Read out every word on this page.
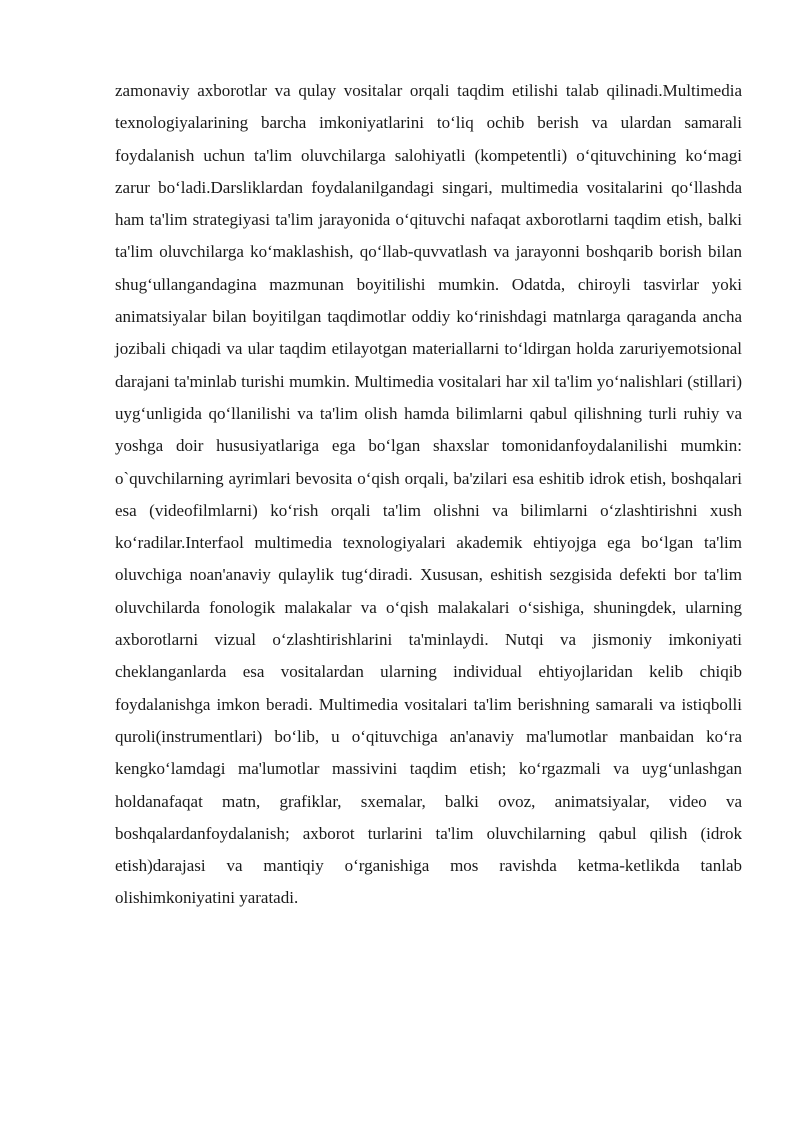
zamonaviy axborotlar va qulay vositalar orqali taqdim etilishi talab qilinadi.Multimedia texnologiyalarining barcha imkoniyatlarini to‘liq ochib berish va ulardan samarali foydalanish uchun ta'lim oluvchilarga salohiyatli (kompetentli) o‘qituvchining ko‘magi zarur bo‘ladi.Darsliklardan foydalanilgandagi singari, multimedia vositalarini qo‘llashda ham ta'lim strategiyasi ta'lim jarayonida o‘qituvchi nafaqat axborotlarni taqdim etish, balki ta'lim oluvchilarga ko‘maklashish, qo‘llab-quvvatlash va jarayonni boshqarib borish bilan shug‘ullangandagina mazmunan boyitilishi mumkin. Odatda, chiroyli tasvirlar yoki animatsiyalar bilan boyitilgan taqdimotlar oddiy ko‘rinishdagi matnlarga qaraganda ancha jozibali chiqadi va ular taqdim etilayotgan materiallarni to‘ldirgan holda zaruriyemotsional darajani ta'minlab turishi mumkin. Multimedia vositalari har xil ta'lim yo‘nalishlari (stillari) uyg‘unligida qo‘llanilishi va ta'lim olish hamda bilimlarni qabul qilishning turli ruhiy va yoshga doir hususiyatlariga ega bo‘lgan shaxslar tomonidanfoydalanilishi mumkin: o`quvchilarning ayrimlari bevosita o‘qish orqali, ba'zilari esa eshitib idrok etish, boshqalari esa (videofilmlarni) ko‘rish orqali ta'lim olishni va bilimlarni o‘zlashtirishni xush ko‘radilar.Interfaol multimedia texnologiyalari akademik ehtiyojga ega bo‘lgan ta'lim oluvchiga noan'anaviy qulaylik tug‘diradi. Xususan, eshitish sezgisida defekti bor ta'lim oluvchilarda fonologik malakalar va o‘qish malakalari o‘sishiga, shuningdek, ularning axborotlarni vizual o‘zlashtirishlarini ta'minlaydi. Nutqi va jismoniy imkoniyati cheklanganlarda esa vositalardan ularning individual ehtiyojlaridan kelib chiqib foydalanishga imkon beradi. Multimedia vositalari ta'lim berishning samarali va istiqbolli quroli(instrumentlari) bo‘lib, u o‘qituvchiga an'anaviy ma'lumotlar manbaidan ko‘ra kengko‘lamdagi ma'lumotlar massivini taqdim etish; ko‘rgazmali va uyg‘unlashgan holdanafaqat matn, grafiklar, sxemalar, balki ovoz, animatsiyalar, video va boshqalardanfoydalanish; axborot turlarini ta'lim oluvchilarning qabul qilish (idrok etish)darajasi va mantiqiy o‘rganishiga mos ravishda ketma-ketlikda tanlab olishimkoniyatini yaratadi.
